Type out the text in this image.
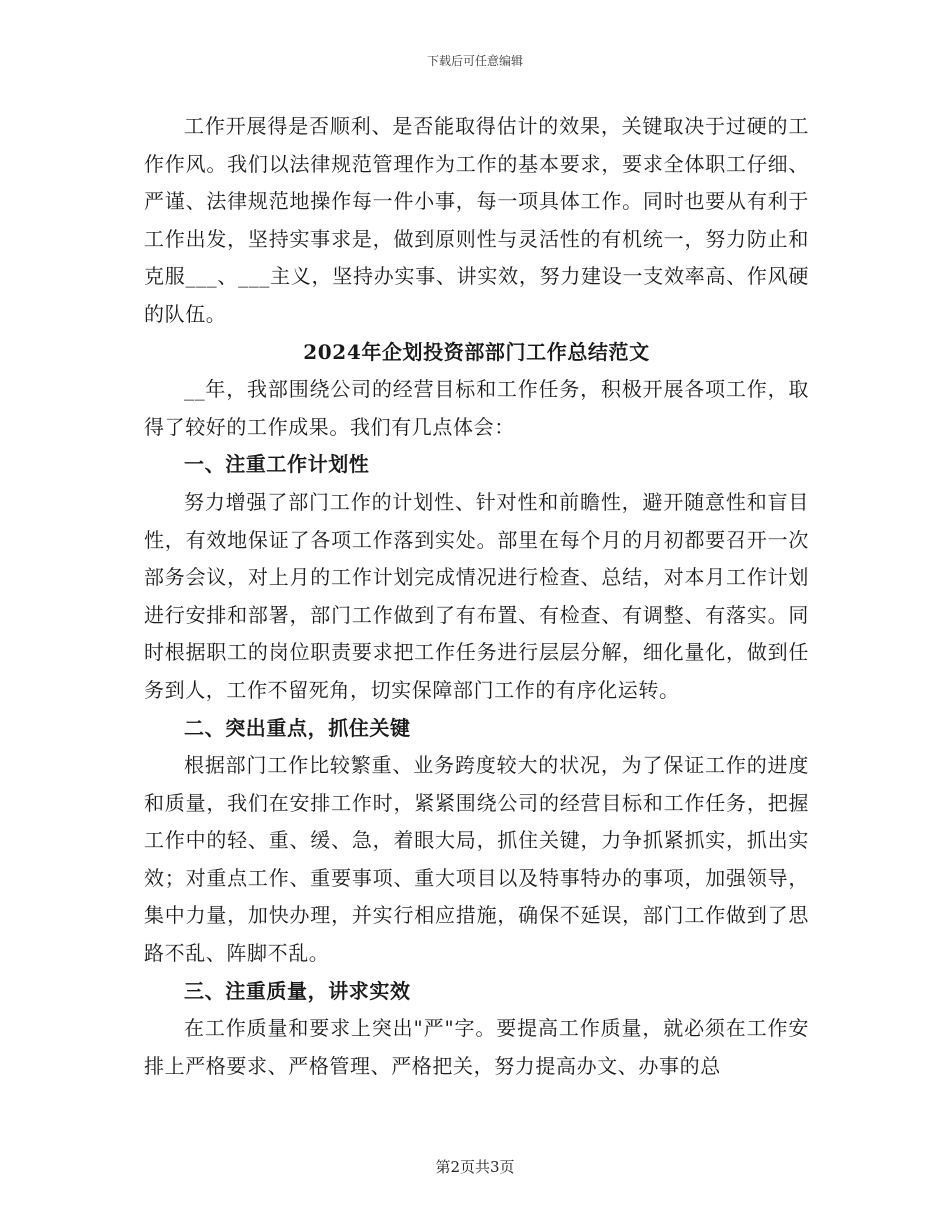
下载后可任意编辑

工作开展得是否顺利、是否能取得估计的效果，关键取决于过硬的工作作风。我们以法律规范管理作为工作的基本要求，要求全体职工仔细、严谨、法律规范地操作每一件小事，每一项具体工作。同时也要从有利于工作出发，坚持实事求是，做到原则性与灵活性的有机统一，努力防止和克服___、___主义，坚持办实事、讲实效，努力建设一支效率高、作风硬的队伍。

2024年企划投资部部门工作总结范文

__年，我部围绕公司的经营目标和工作任务，积极开展各项工作，取得了较好的工作成果。我们有几点体会：

一、注重工作计划性

努力增强了部门工作的计划性、针对性和前瞻性，避开随意性和盲目性，有效地保证了各项工作落到实处。部里在每个月的月初都要召开一次部务会议，对上月的工作计划完成情况进行检查、总结，对本月工作计划进行安排和部署，部门工作做到了有布置、有检查、有调整、有落实。同时根据职工的岗位职责要求把工作任务进行层层分解，细化量化，做到任务到人，工作不留死角，切实保障部门工作的有序化运转。

二、突出重点，抓住关键

根据部门工作比较繁重、业务跨度较大的状况，为了保证工作的进度和质量，我们在安排工作时，紧紧围绕公司的经营目标和工作任务，把握工作中的轻、重、缓、急，着眼大局，抓住关键，力争抓紧抓实，抓出实效；对重点工作、重要事项、重大项目以及特事特办的事项，加强领导，集中力量，加快办理，并实行相应措施，确保不延误，部门工作做到了思路不乱、阵脚不乱。

三、注重质量，讲求实效

在工作质量和要求上突出"严"字。要提高工作质量，就必须在工作安排上严格要求、严格管理、严格把关，努力提高办文、办事的总

第2页共3页
